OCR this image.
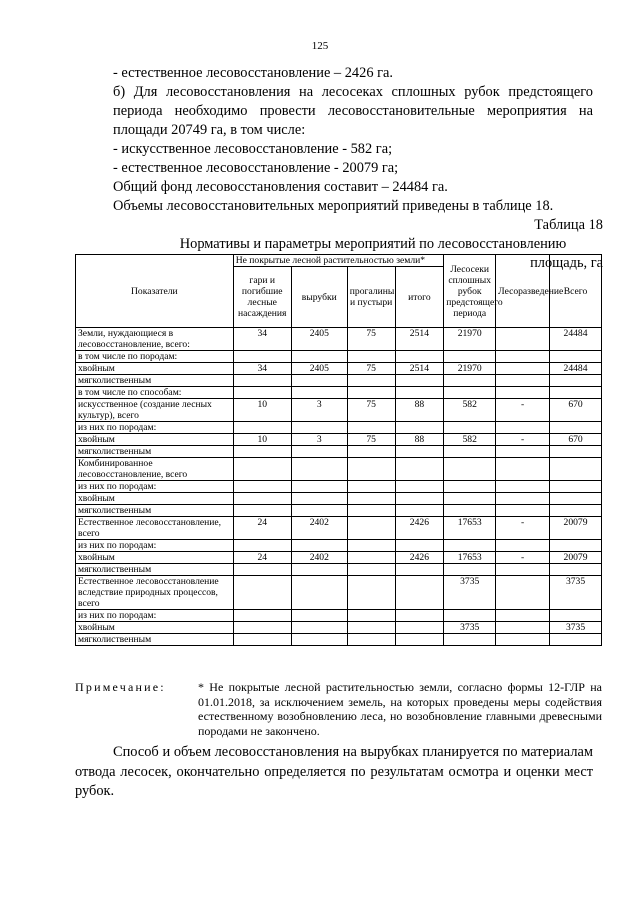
125

- естественное лесовосстановление – 2426 га.

б) Для лесовосстановления на лесосеках сплошных рубок предстоящего периода необходимо провести лесовосстановительные мероприятия на площади 20749 га, в том числе:

- искусственное лесовосстановление - 582 га;

- естественное лесовосстановление - 20079 га;

Общий фонд лесовосстановления составит – 24484 га.

Объемы лесовосстановительных мероприятий приведены в таблице 18.

Таблица 18

Нормативы и параметры мероприятий по лесовосстановлению

площадь, га

Показатели	Не покрытые лесной растительностью земли*				Лесосеки сплошных рубок предстоящего периода	Лесоразведение	Всего
	гари и погибшие лесные насаждения	вырубки	прогалины и пустыри	итого			
Земли, нуждающиеся в лесовосстановление, всего:	34	2405	75	2514	21970		24484
в том числе по породам:							
хвойным	34	2405	75	2514	21970		24484
мягколиственным							
в том числе по способам:							
искусственное (создание лесных культур), всего	10	3	75	88	582	-	670
из них по породам:							
хвойным	10	3	75	88	582	-	670
мягколиственным							
Комбинированное лесовосстановление, всего							
из них по породам:							
хвойным							
мягколиственным							
Естественное лесовосстановление, всего	24	2402		2426	17653	-	20079
из них по породам:							
хвойным	24	2402		2426	17653	-	20079
мягколиственным							
Естественное лесовосстановление вследствие природных процессов, всего					3735		3735
из них по породам:							
хвойным					3735		3735
мягколиственным							
Примечание:	* Не покрытые лесной растительностью земли, согласно формы 12-ГЛР на 01.01.2018, за исключением земель, на которых проведены меры содействия естественному возобновлению леса, но возобновление главными древесными породами не закончено.

Способ и объем лесовосстановления на вырубках планируется по материалам отвода лесосек, окончательно определяется по результатам осмотра и оценки мест рубок.
